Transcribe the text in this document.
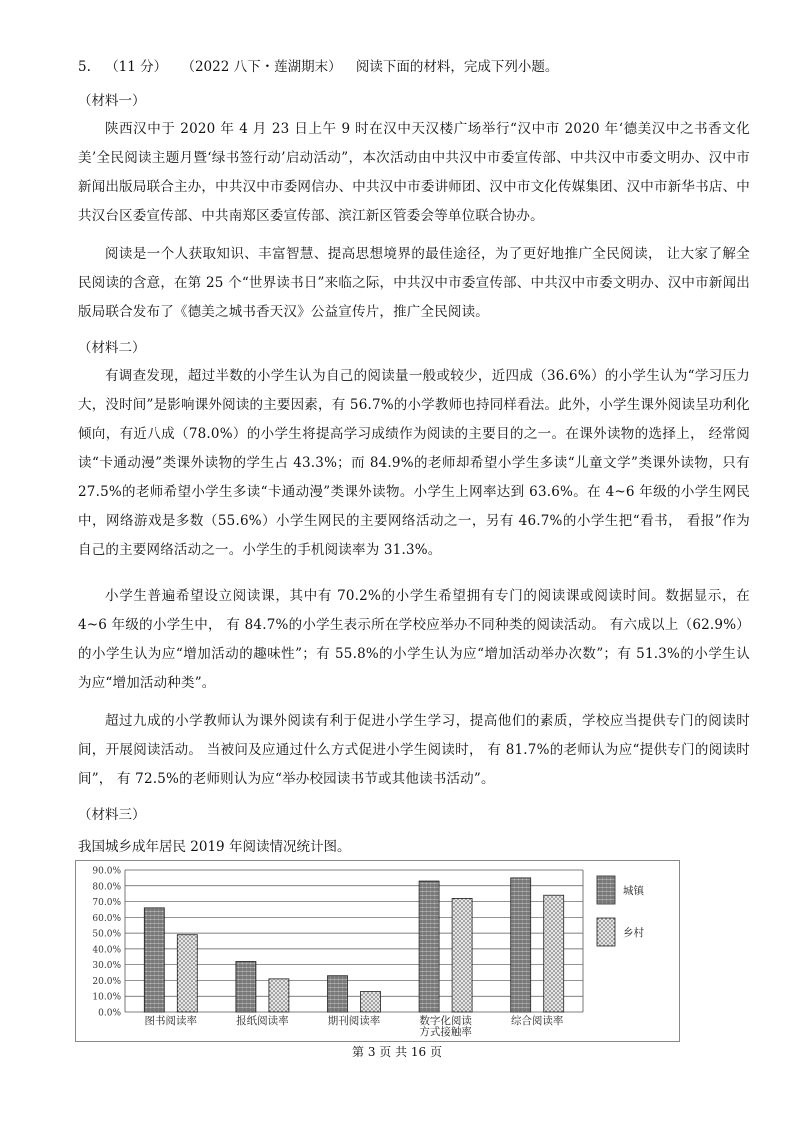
5. （11 分） （2022 八下・莲湖期末） 阅读下面的材料，完成下列小题。
（材料一）

陕西汉中于 2020 年 4 月 23 日上午 9 时在汉中天汉楼广场举行“汉中市 2020 年‘德美汉中之书香文化美’全民阅读主题月暨‘绿书签行动’启动活动”，本次活动由中共汉中市委宣传部、中共汉中市委文明办、汉中市新闻出版局联合主办，中共汉中市委网信办、中共汉中市委讲师团、汉中市文化传媒集团、汉中市新华书店、中共汉台区委宣传部、中共南郑区委宣传部、滨江新区管委会等单位联合协办。

阅读是一个人获取知识、丰富智慧、提高思想境界的最佳途径，为了更好地推广全民阅读， 让大家了解全民阅读的含意，在第 25 个“世界读书日”来临之际，中共汉中市委宣传部、中共汉中市委文明办、汉中市新闻出版局联合发布了《德美之城书香天汉》公益宣传片，推广全民阅读。

（材料二）

有调查发现，超过半数的小学生认为自己的阅读量一般或较少，近四成（36.6%）的小学生认为“学习压力大，没时间”是影响课外阅读的主要因素，有 56.7%的小学教师也持同样看法。此外，小学生课外阅读呈功利化倾向，有近八成（78.0%）的小学生将提高学习成绩作为阅读的主要目的之一。在课外读物的选择上， 经常阅读“卡通动漫”类课外读物的学生占 43.3%；而 84.9%的老师却希望小学生多读“儿童文学”类课外读物，只有 27.5%的老师希望小学生多读“卡通动漫”类课外读物。小学生上网率达到 63.6%。在 4~6 年级的小学生网民中，网络游戏是多数（55.6%）小学生网民的主要网络活动之一，另有 46.7%的小学生把“看书， 看报”作为自己的主要网络活动之一。小学生的手机阅读率为 31.3%。

小学生普遍希望设立阅读课，其中有 70.2%的小学生希望拥有专门的阅读课或阅读时间。数据显示，在 4~6 年级的小学生中， 有 84.7%的小学生表示所在学校应举办不同种类的阅读活动。 有六成以上（62.9%）的小学生认为应“增加活动的趣味性”；有 55.8%的小学生认为应“增加活动举办次数”；有 51.3%的小学生认为应“增加活动种类”。

超过九成的小学教师认为课外阅读有利于促进小学生学习，提高他们的素质，学校应当提供专门的阅读时间，开展阅读活动。 当被问及应通过什么方式促进小学生阅读时， 有 81.7%的老师认为应“提供专门的阅读时间”， 有 72.5%的老师则认为应“举办校园读书节或其他读书活动”。

（材料三）
我国城乡成年居民 2019 年阅读情况统计图。
0.0%
10.0%
20.0%
30.0%
40.0%
50.0%
60.0%
70.0%
80.0%
90.0%
图书阅读率	报纸阅读率	期刊阅读率	数字化阅读
方式接触率
综合阅读率
城镇
乡村
第 3 页 共 16 页
